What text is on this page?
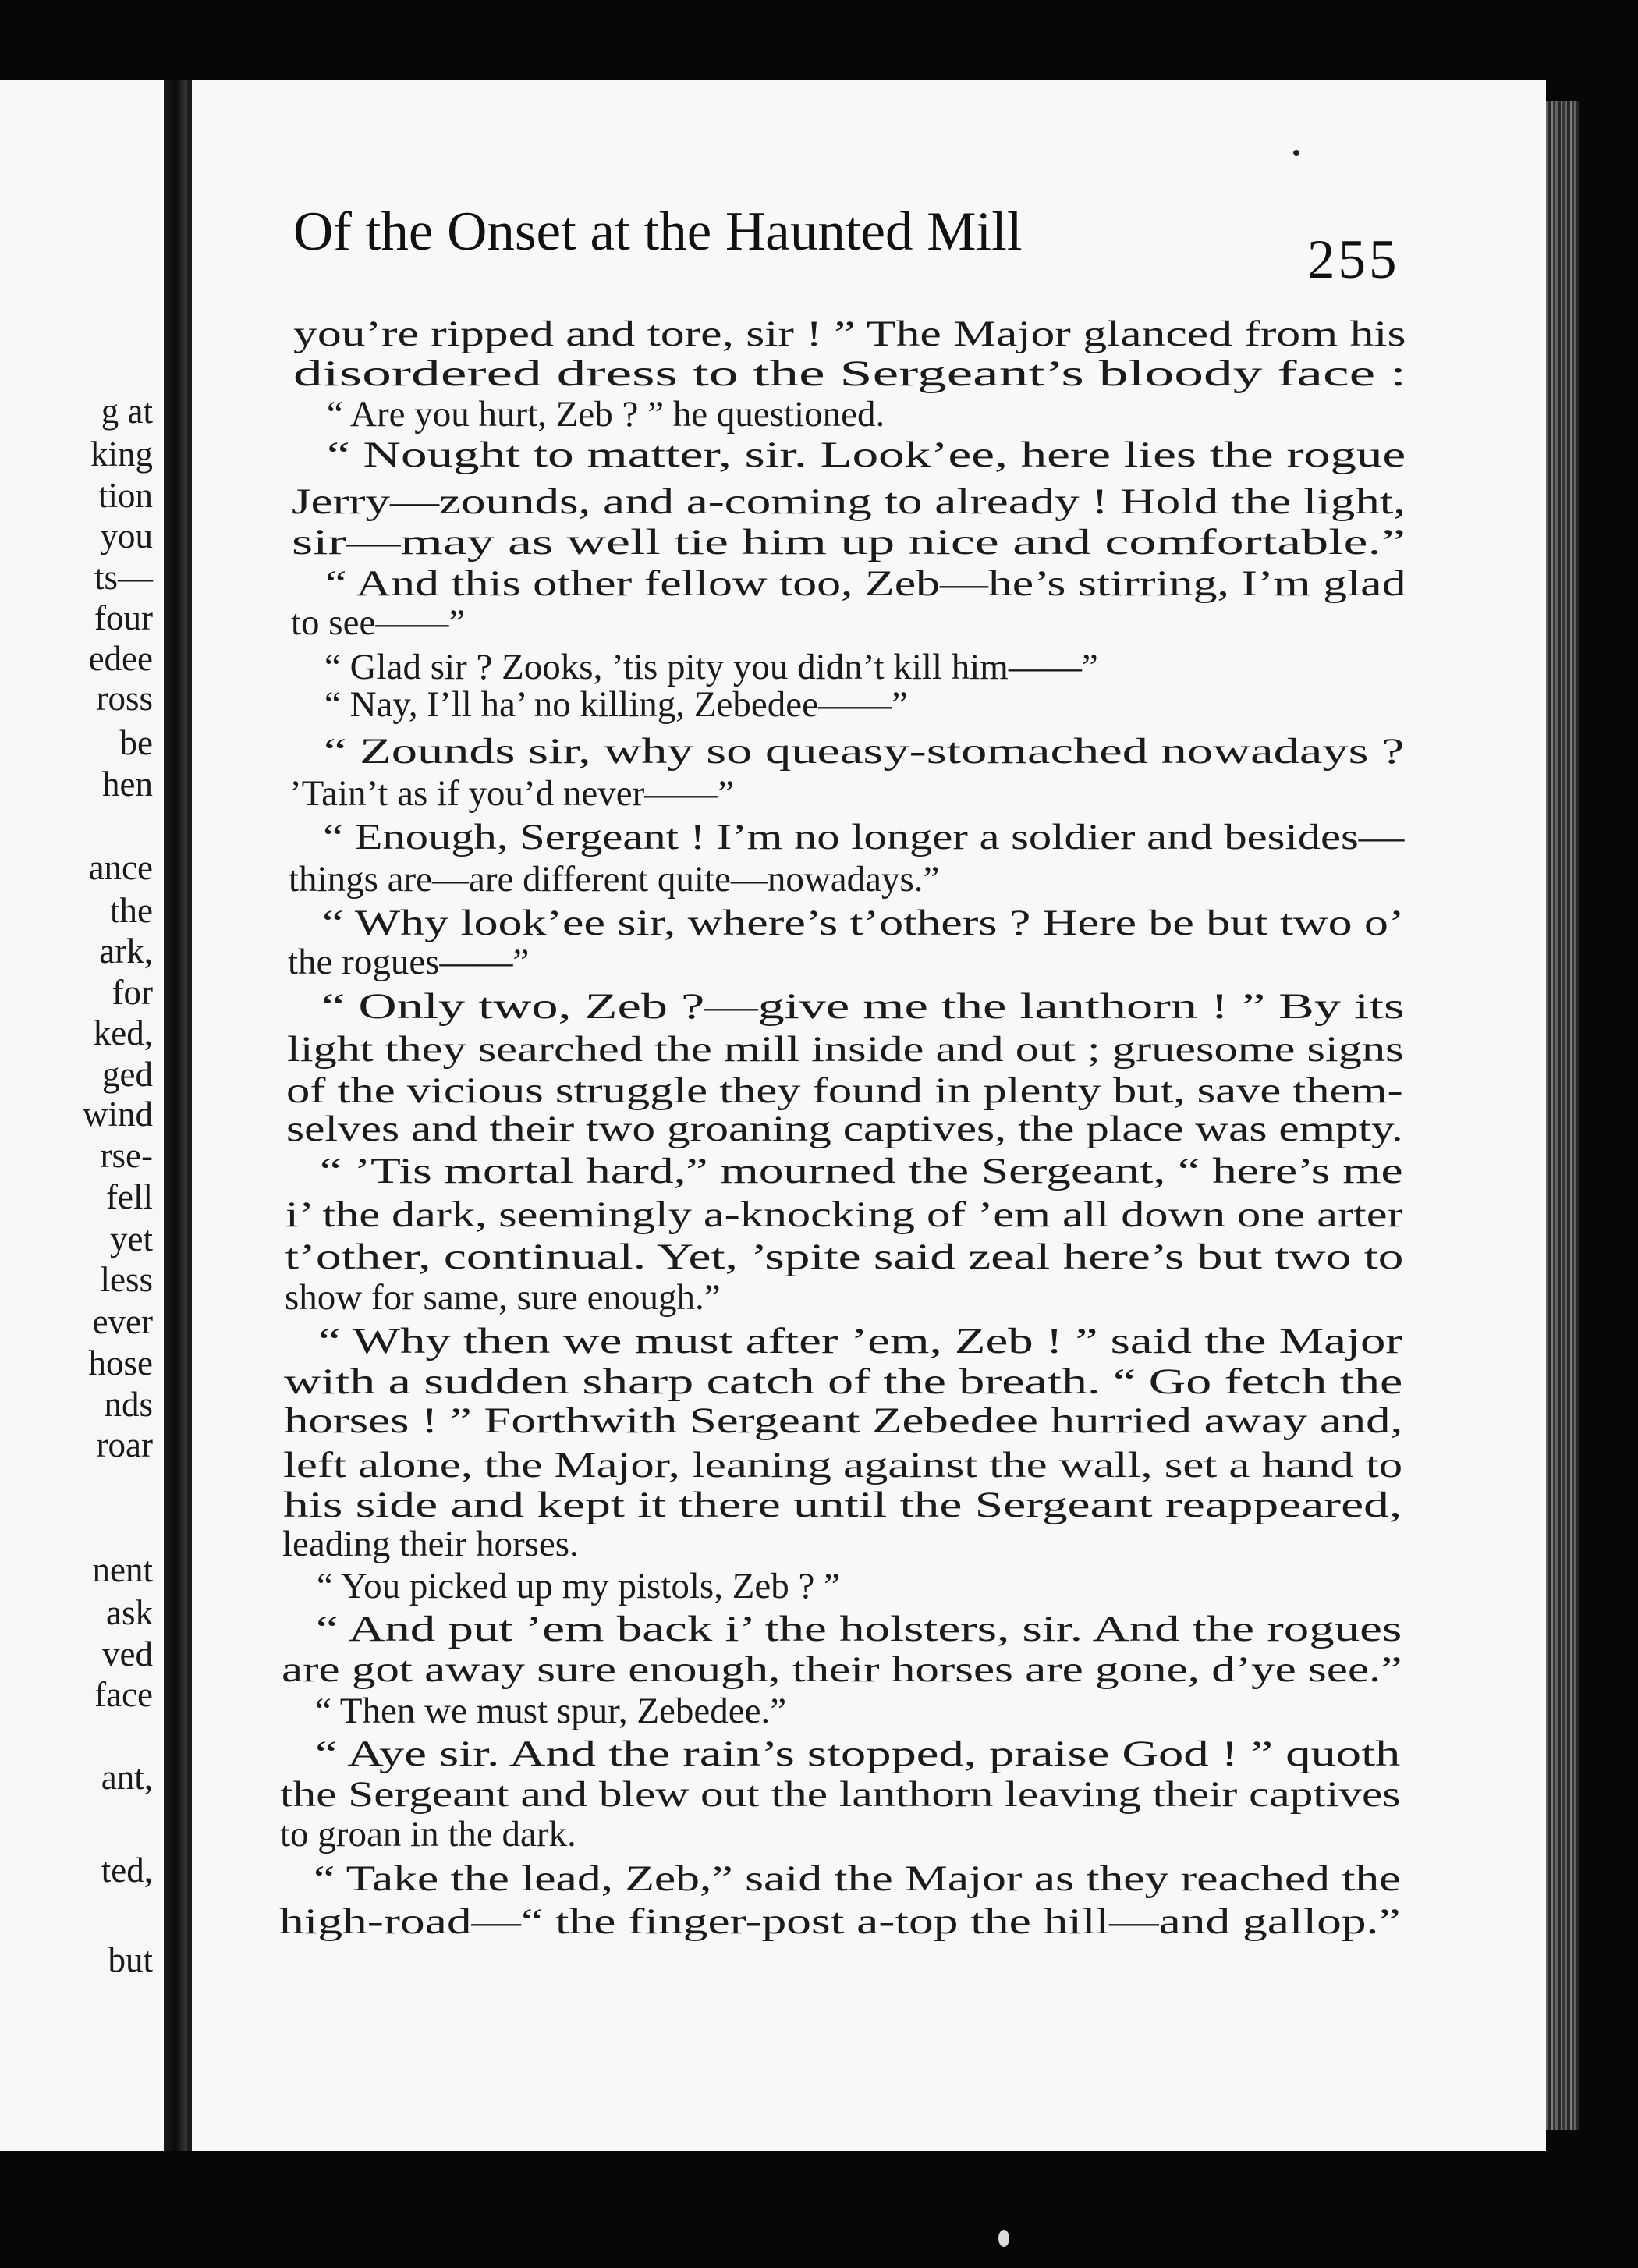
g at
king
tion
you
ts—
four
edee
ross
be
hen
ance
the
ark,
for
ked,
ged
wind
rse-
fell
yet
less
ever
hose
nds
roar
nent
ask
ved
face
ant,
ted,
but
Of the Onset at the Haunted Mill	255
you’re ripped and tore, sir ! ” The Major glanced from his
disordered dress to the Sergeant’s bloody face :
“ Are you hurt, Zeb ? ” he questioned.
“ Nought to matter, sir. Look’ee, here lies the rogue
Jerry—zounds, and a-coming to already ! Hold the light,
sir—may as well tie him up nice and comfortable.”
“ And this other fellow too, Zeb—he’s stirring, I’m glad
to see——”
“ Glad sir ? Zooks, ’tis pity you didn’t kill him——”
“ Nay, I’ll ha’ no killing, Zebedee——”
“ Zounds sir, why so queasy-stomached nowadays ?
’Tain’t as if you’d never——”
“ Enough, Sergeant ! I’m no longer a soldier and besides—
things are—are different quite—nowadays.”
“ Why look’ee sir, where’s t’others ? Here be but two o’
the rogues——”
“ Only two, Zeb ?—give me the lanthorn ! ” By its
light they searched the mill inside and out ; gruesome signs
of the vicious struggle they found in plenty but, save them-
selves and their two groaning captives, the place was empty.
“ ’Tis mortal hard,” mourned the Sergeant, “ here’s me
i’ the dark, seemingly a-knocking of ’em all down one arter
t’other, continual. Yet, ’spite said zeal here’s but two to
show for same, sure enough.”
“ Why then we must after ’em, Zeb ! ” said the Major
with a sudden sharp catch of the breath. “ Go fetch the
horses ! ” Forthwith Sergeant Zebedee hurried away and,
left alone, the Major, leaning against the wall, set a hand to
his side and kept it there until the Sergeant reappeared,
leading their horses.
“ You picked up my pistols, Zeb ? ”
“ And put ’em back i’ the holsters, sir. And the rogues
are got away sure enough, their horses are gone, d’ye see.”
“ Then we must spur, Zebedee.”
“ Aye sir. And the rain’s stopped, praise God ! ” quoth
the Sergeant and blew out the lanthorn leaving their captives
to groan in the dark.
“ Take the lead, Zeb,” said the Major as they reached the
high-road—“ the finger-post a-top the hill—and gallop.”
